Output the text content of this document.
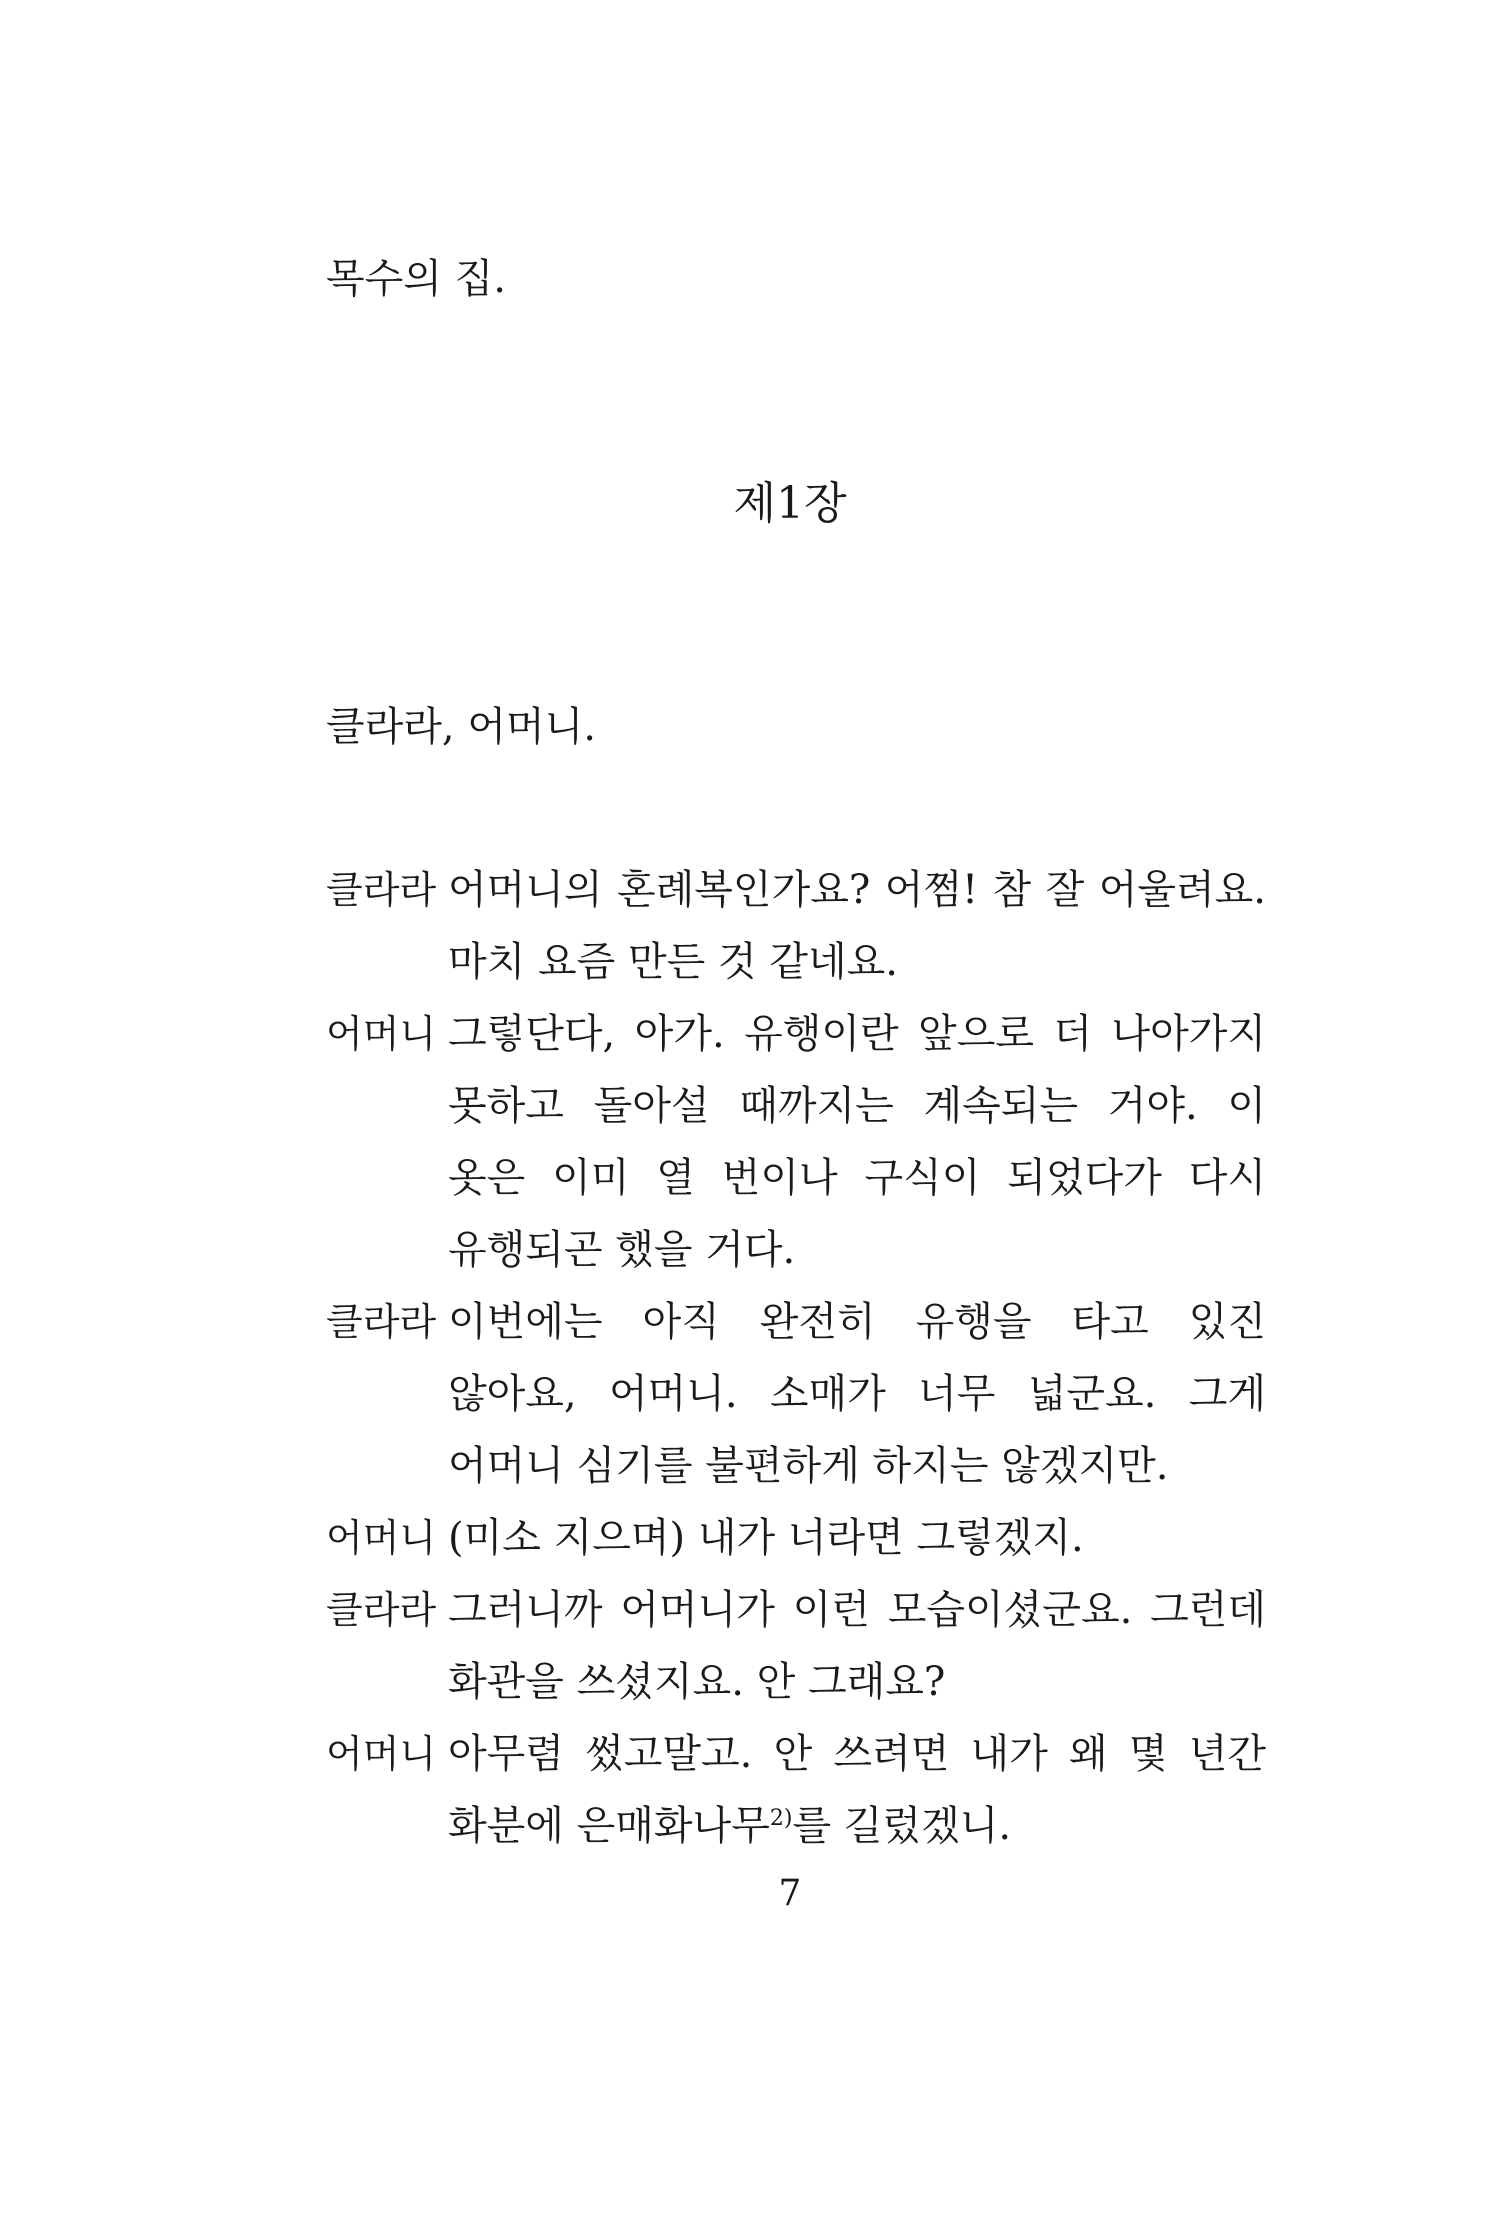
목수의 집.
제1장
클라라, 어머니.
클라라 어머니의 혼례복인가요? 어쩜! 참 잘 어울려요. 마치 요즘 만든 것 같네요.
어머니 그렇단다, 아가. 유행이란 앞으로 더 나아가지 못하고 돌아설 때까지는 계속되는 거야. 이 옷은 이미 열 번이나 구식이 되었다가 다시 유행되곤 했을 거다.
클라라 이번에는 아직 완전히 유행을 타고 있진 않아요, 어머니. 소매가 너무 넓군요. 그게 어머니 심기를 불편하게 하지는 않겠지만.
어머니 (미소 지으며) 내가 너라면 그렇겠지.
클라라 그러니까 어머니가 이런 모습이셨군요. 그런데 화관을 쓰셨지요. 안 그래요?
어머니 아무렴 썼고말고. 안 쓰려면 내가 왜 몇 년간 화분에 은매화나무$^{2)}$를 길렀겠니.
7
